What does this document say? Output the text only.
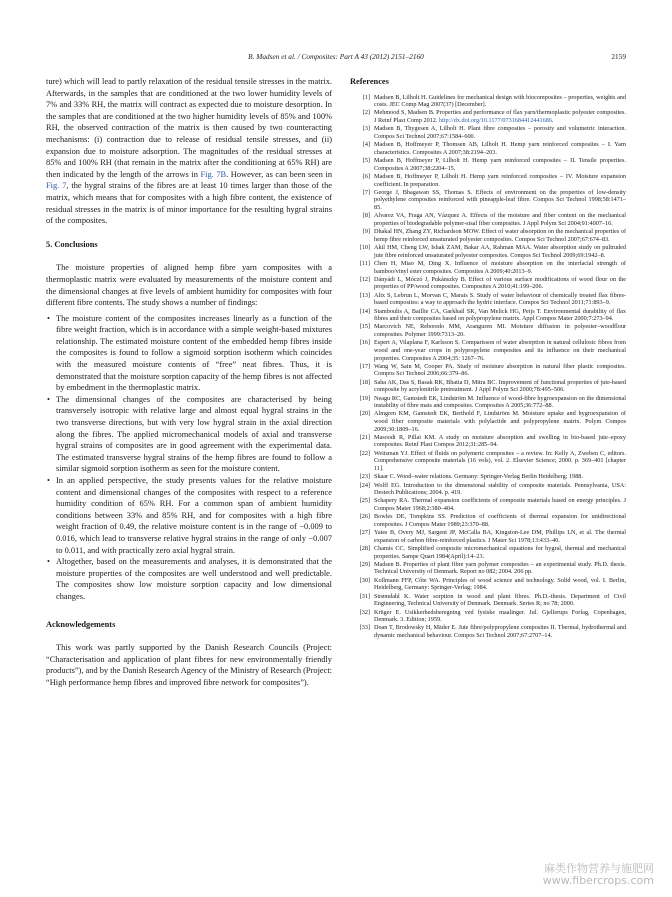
B. Madsen et al. / Composites: Part A 43 (2012) 2151–2160	2159

ture) which will lead to partly relaxation of the residual tensile stresses in the matrix. Afterwards, in the samples that are conditioned at the two lower humidity levels of 7% and 33% RH, the matrix will contract as expected due to moisture desorption. In the samples that are conditioned at the two higher humidity levels of 85% and 100% RH, the observed contraction of the matrix is then caused by two counteracting mechanisms: (i) contraction due to release of residual tensile stresses, and (ii) expansion due to moisture adsorption. The magnitudes of the residual stresses at 85% and 100% RH (that remain in the matrix after the conditioning at 65% RH) are then indicated by the length of the arrows in Fig. 7B. However, as can been seen in Fig. 7, the hygral strains of the fibres are at least 10 times larger than those of the matrix, which means that for composites with a high fibre content, the existence of residual stresses in the matrix is of minor importance for the resulting hygral strains of the composites.

5. Conclusions

The moisture properties of aligned hemp fibre yarn composites with a thermoplastic matrix were evaluated by measurements of the moisture content and the dimensional changes at five levels of ambient humidity for composites with four different fibre contents. The study shows a number of findings:

• The moisture content of the composites increases linearly as a function of the fibre weight fraction, which is in accordance with a simple weight-based mixtures relationship. The estimated moisture content of the embedded hemp fibres inside the composites is found to follow a sigmoid sorption isotherm which coincides with the measured moisture contents of “free” neat fibres. Thus, it is demonstrated that the moisture sorption capacity of the hemp fibres is not affected by embedment in the thermoplastic matrix.
• The dimensional changes of the composites are characterised by being transversely isotropic with relative large and almost equal hygral strains in the two transverse directions, but with very low hygral strain in the axial direction along the fibres. The applied micromechanical models of axial and transverse hygral strains of composites are in good agreement with the experimental data. The estimated transverse hygral strains of the hemp fibres are found to follow a similar sigmoid sorption isotherm as seen for the moisture content.
• In an applied perspective, the study presents values for the relative moisture content and dimensional changes of the composites with respect to a reference humidity condition of 65% RH. For a common span of ambient humidity conditions between 33% and 85% RH, and for composites with a high fibre weight fraction of 0.49, the relative moisture content is in the range of −0.009 to 0.016, which lead to transverse relative hygral strains in the range of only −0.007 to 0.011, and with practically zero axial hygral strain.
• Altogether, based on the measurements and analyses, it is demonstrated that the moisture properties of the composites are well understood and well predictable. The composites show low moisture sorption capacity and low dimensional changes.
Acknowledgements

This work was partly supported by the Danish Research Councils (Project: “Characterisation and application of plant fibres for new environmentally friendly products”), and by the Danish Research Agency of the Ministry of Research (Project: “High performance hemp fibres and improved fibre network for composites”).

References
[1] Madsen B, Lilholt H. Guidelines for mechanical design with biocomposites – properties, weights and costs. JEC Comp Mag 2007(37) [December].
[2] Mehmood S, Madsen B. Properties and performance of flax yarn/thermoplastic polyester composites. J Reinf Plast Comp 2012. http://dx.doi.org/10.1177/0731684412441686.
[3] Madsen B, Thygesen A, Lilholt H. Plant fibre composites – porosity and volumetric interaction. Compos Sci Technol 2007;67:1584–600.
[4] Madsen B, Hoffmeyer P, Thomsen AB, Lilholt H. Hemp yarn reinforced composites – I. Yarn characteristics. Composites A 2007;38:2194–203.
[5] Madsen B, Hoffmeyer P, Lilholt H. Hemp yarn reinforced composites – II. Tensile properties. Composites A 2007;38:2204–15.
[6] Madsen B, Hoffmeyer P, Lilholt H. Hemp yarn reinforced composites – IV. Moisture expansion coefficient. In preparation.
[7] George J, Bhagawan SS, Thomas S. Effects of environment on the properties of low-density polyethylene composites reinforced with pineapple-leaf fibre. Compos Sci Technol 1998;58:1471–85.
[8] Alvarez VA, Fraga AN, Vázquez A. Effects of the moisture and fiber content on the mechanical properties of biodegradable polymer-sisal fiber composites. J Appl Polym Sci 2004;91:4007–16.
[9] Dhakal HN, Zhang ZY, Richardson MOW. Effect of water absorption on the mechanical properties of hemp fibre reinforced unsaturated polyester composites. Compos Sci Technol 2007;67:674–83.
[10] Akil HM, Cheng LW, Ishak ZAM, Bakar AA, Rahman MAA. Water absorption study on pultruded jute fibre reinforced unsaturated polyester composites. Compos Sci Technol 2009;69:1942–8.
[11] Chen H, Miao M, Ding X. Influence of moisture absorption on the interfacial strength of bamboo/vinyl ester composites. Composites A 2009;40:2013–9.
[12] Dányádi L, Móczó J, Pukánszky B. Effect of various surface modifications of wood flour on the properties of PP/wood composites. Composites A 2010;41:199–206.
[13] Alix S, Lebrun L, Morvan C, Marais S. Study of water behaviour of chemically treated flax fibres-based composites: a way to approach the hydric interface. Compos Sci Technol 2011;71:893–9.
[14] Stamboulis A, Baillie CA, Garkhail SK, Van Melick HG, Peijs T. Environmental durability of flax fibres and their composites based on polypropylene matrix. Appl Compos Mater 2000;7:273–94.
[15] Marcovich NE, Reboredo MM, Aranguren MI. Moisture diffusion in polyester–woodflour composites. Polymer 1999:7313–20.
[16] Espert A, Vilaplana F, Karlsson S. Comparisson of water absorption in natural cellulosic fibres from wood and one-year crops in polypropylene composites and its influence on their mechanical properties. Composites A 2004;35: 1267–76.
[17] Wang W, Sain M, Cooper PA. Study of moisture absorption in natural fiber plastic composites. Compos Sci Technol 2006;66:379–86.
[18] Saha AK, Das S, Basak RK, Bhatta D, Mitra BC. Improvement of functional properties of jute-based composite by acrylonitrile pretreatment. J Appl Polym Sci 2000;78:495–506.
[19] Neagu RC, Gamstedt EK, Lindström M. Influence of wood-fibre hygroexpansion on the dimensional instability of fibre mats and composites. Composites A 2005;36:772–88.
[20] Almgren KM, Gamstedt EK, Berthold F, Lindström M. Moisture uptake and hygroexpansion of wood fiber composite materials with polylactide and polypropylene matrix. Polym Compos 2009;30:1809–16.
[21] Masoodi R, Pillai KM. A study on moisture absorption and swelling in bio-based jute–epoxy composites. Reinf Plast Compos 2012;31:285–94.
[22] Weitsman YJ. Effect of fluids on polymeric composites – a review. In: Kelly A, Zweben C, editors. Comprehensive composite materials (16 vols), vol. 2. Elsevier Science; 2000. p. 369–401 [chapter 11].
[23] Skaar C. Wood–water relations. Germany: Springer-Verlag Berlin Heidelberg; 1988.
[24] Wolff EG. Introduction to the dimensional stability of composite materials. Pennsylvania, USA: Destech Publications; 2004. p. 419.
[25] Schapery RA. Thermal expansion coefficients of composite materials based on energy principles. J Compos Mater 1968;2:380–404.
[26] Bowles DE, Tompkins SS. Prediction of coefficients of thermal expansion for unidirectional composites. J Compos Mater 1989;23:370–88.
[27] Yates B, Overy MJ, Sargent JP, McCalla BA, Kingston-Lee DM, Phillips LN, et al. The thermal expansion of carbon fibre-reinforced plastics. J Mater Sci 1978;13:433–40.
[28] Chamis CC. Simplified composite micromechanical equations for hygral, thermal and mechanical properties. Sampe Quart 1984(April):14–23.
[29] Madsen B. Properties of plant fibre yarn polymer composites – an experimental study. Ph.D. thesis. Technical University of Denmark. Report no 082; 2004. 206 pp.
[30] Kollmann FFP, Côte WA. Principles of wood science and technology. Solid wood, vol. I. Berlin, Heidelberg, Germany: Springer-Verlag; 1984.
[31] Strømdahl K. Water sorption in wood and plant fibres. Ph.D.-thesis. Department of Civil Engineering, Technical University of Denmark. Denmark. Series R; no 78; 2000.
[32] Krüger E. Usikkerhedsberegning ved fysiske maalinger. Jul. Gjellerups Forlag, Copenhagen, Denmark. 3. Edition; 1959.
[33] Doan T, Brodowsky H, Mäder E. Jute fibre/polypropylene composites II. Thermal, hydrothermal and dynamic mechanical behaviour. Compos Sci Technol 2007;67:2707–14.
麻类作物营养与施肥网
www.fibercrops.com
